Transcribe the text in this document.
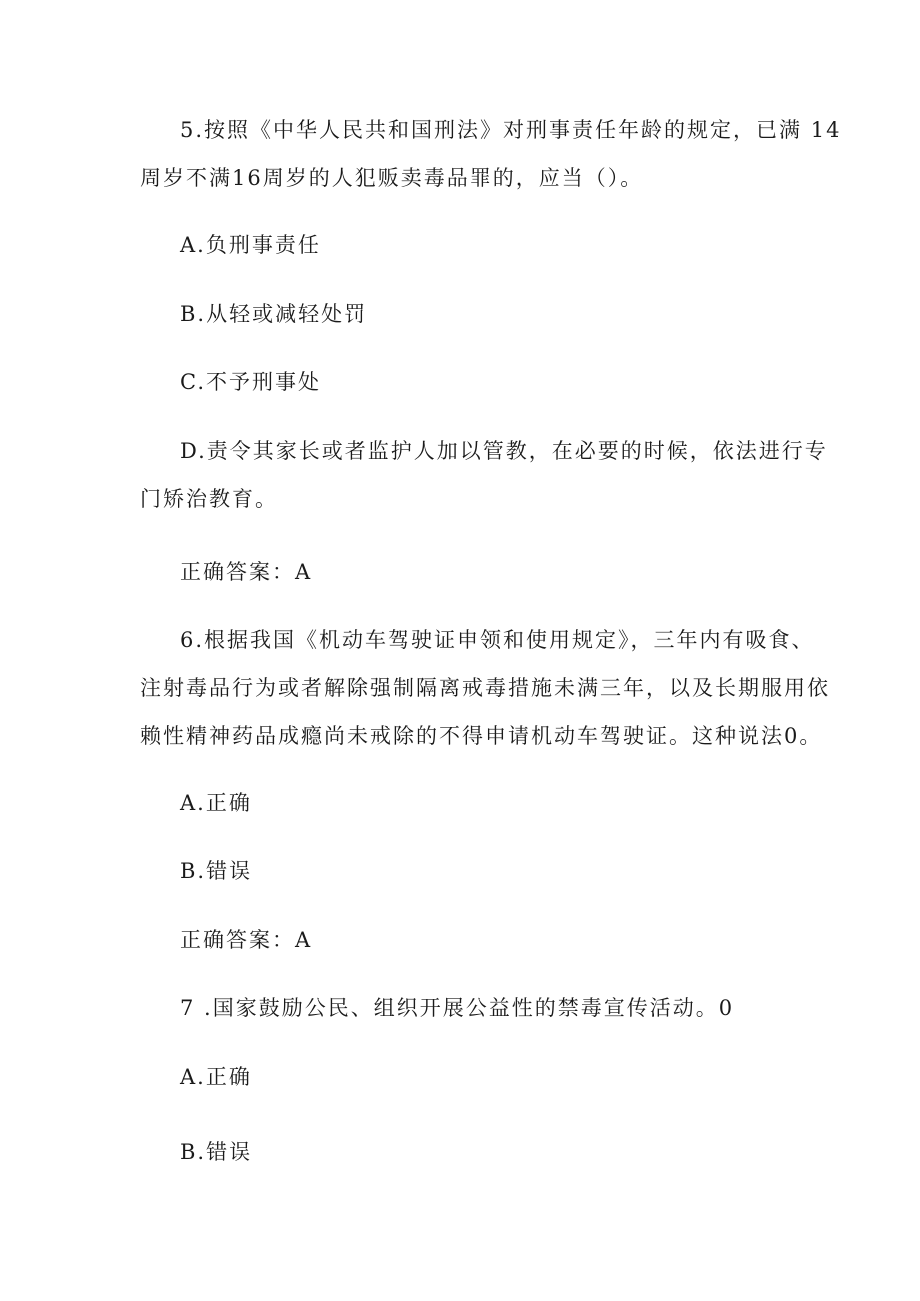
5.按照《中华人民共和国刑法》对刑事责任年龄的规定，已满 14
周岁不满16周岁的人犯贩卖毒品罪的，应当（）。
A.负刑事责任
B.从轻或减轻处罚
C.不予刑事处
D.责令其家长或者监护人加以管教，在必要的时候，依法进行专
门矫治教育。
正确答案：A
6.根据我国《机动车驾驶证申领和使用规定》，三年内有吸食、
注射毒品行为或者解除强制隔离戒毒措施未满三年，以及长期服用依
赖性精神药品成瘾尚未戒除的不得申请机动车驾驶证。这种说法0。
A.正确
B.错误
正确答案：A
7 .国家鼓励公民、组织开展公益性的禁毒宣传活动。0
A.正确
B.错误
